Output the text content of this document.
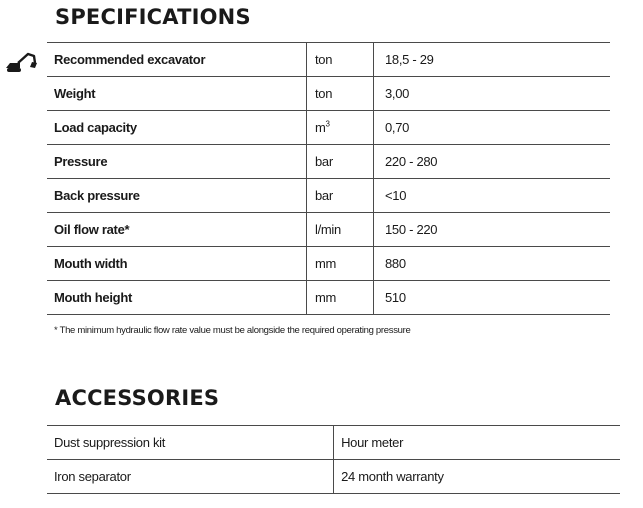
SPECIFICATIONS
Recommended excavator	ton	18,5 - 29
Weight	ton	3,00
Load capacity	$m^3$	0,70
Pressure	bar	220 - 280
Back pressure	bar	<10
Oil flow rate*	l/min	150 - 220
Mouth width	mm	880
Mouth height	mm	510
* The minimum hydraulic flow rate value must be alongside the required operating pressure
ACCESSORIES
Dust suppression kit	Hour meter
Iron separator	24 month warranty
